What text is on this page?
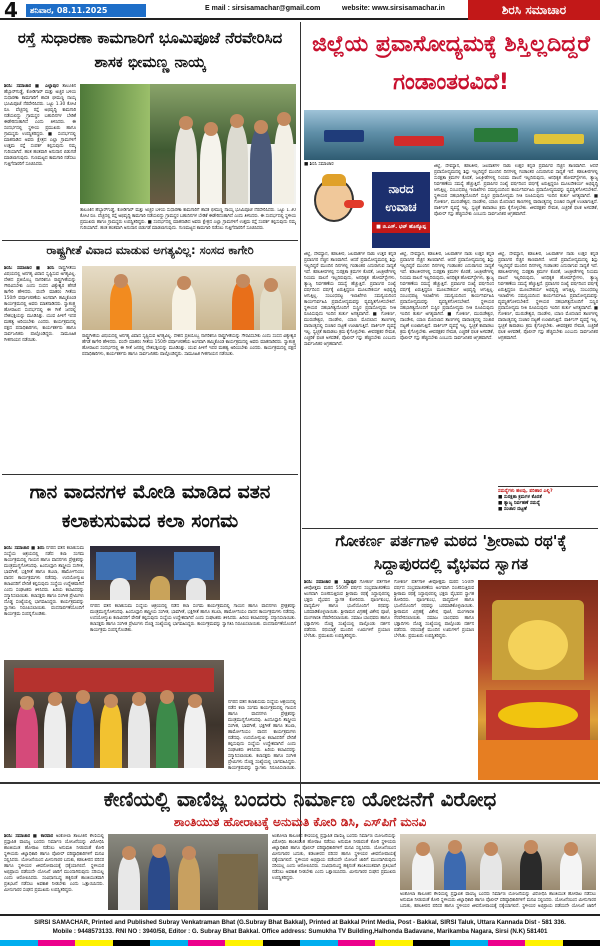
4	ಶನಿವಾರ, 08.11.2025	E mail : sirsisamachar@gmail.com	website: www.sirsisamachar.in	ಶಿರಸಿ ಸಮಾಚಾರ
ರಸ್ತೆ ಸುಧಾರಣಾ ಕಾಮಗಾರಿಗೆ ಭೂಮಿಪೂಜೆ ನೆರವೇರಿಸಿದ ಶಾಸಕ ಭೀಮಣ್ಣ ನಾಯ್ಕ
ಶಿರಸಿ: ಸಮಾಚಾರ ■ ಎಲ್ಲಾಪುರ ತಾಲೂಕಿನ ಹೆಬ್ಬಾರ್‌ಗುಡ್ಡೆ, ಕೋಡಿಗಾರ್ ಮತ್ತು ಅಚ್ಚರ ಬಳಿಯ ಸುಧಾರಣಾ ಕಾಮಗಾರಿಗೆ ಶಾಸಕ ಭೀಮಣ್ಣ ನಾಯ್ಕ ಭೂಮಿಪೂಜೆ ನೆರವೇರಿಸಿದರು. ಒಟ್ಟು 1.30 ಕೋಟಿ ರೂ. ವೆಚ್ಚದಲ್ಲಿ ರಸ್ತೆ ಅಭಿವೃದ್ಧಿ ಕಾಮಗಾರಿ ನಡೆಯಲಿದ್ದು ಗ್ರಾಮಸ್ಥರ ಬಹುದಿನಗಳ ಬೇಡಿಕೆ ಈಡೇರಿದಂತಾಗಿದೆ ಎಂದು ತಿಳಿಸಿದರು. ಈ ಸಂದರ್ಭದಲ್ಲಿ ಸ್ಥಳೀಯ ಪ್ರಮುಖರು ಹಾಗೂ ಗ್ರಾಮಸ್ಥರು ಉಪಸ್ಥಿತರಿದ್ದರು. ■ ಸಂದರ್ಭದಲ್ಲಿ ಮಾತನಾಡಿದ ಅವರು ಕ್ಷೇತ್ರದ ಎಲ್ಲಾ ಗ್ರಾಮಗಳಿಗೆ ಉತ್ತಮ ರಸ್ತೆ ಸಂಪರ್ಕ ಕಲ್ಪಿಸುವುದು ನಮ್ಮ ಗುರಿಯಾಗಿದೆ. ಹಂತ ಹಂತವಾಗಿ ಅನುದಾನ ಬಿಡುಗಡೆ ಮಾಡಲಾಗುವುದು. ಗುಣಮಟ್ಟದ ಕಾಮಗಾರಿ ನಡೆಸಲು ಗುತ್ತಿಗೆದಾರರಿಗೆ ಸೂಚಿಸಿದರು.
ತಾಲೂಕಿನ ಹೆಬ್ಬಾರ್‌ಗುಡ್ಡೆ, ಕೋಡಿಗಾರ್ ಮತ್ತು ಅಚ್ಚರ ಬಳಿಯ ಸುಧಾರಣಾ ಕಾಮಗಾರಿಗೆ ಶಾಸಕ ಭೀಮಣ್ಣ ನಾಯ್ಕ ಭೂಮಿಪೂಜೆ ನೆರವೇರಿಸಿದರು. ಒಟ್ಟು 1.30 ಕೋಟಿ ರೂ. ವೆಚ್ಚದಲ್ಲಿ ರಸ್ತೆ ಅಭಿವೃದ್ಧಿ ಕಾಮಗಾರಿ ನಡೆಯಲಿದ್ದು ಗ್ರಾಮಸ್ಥರ ಬಹುದಿನಗಳ ಬೇಡಿಕೆ ಈಡೇರಿದಂತಾಗಿದೆ ಎಂದು ತಿಳಿಸಿದರು. ಈ ಸಂದರ್ಭದಲ್ಲಿ ಸ್ಥಳೀಯ ಪ್ರಮುಖರು ಹಾಗೂ ಗ್ರಾಮಸ್ಥರು ಉಪಸ್ಥಿತರಿದ್ದರು. ■ ಸಂದರ್ಭದಲ್ಲಿ ಮಾತನಾಡಿದ ಅವರು ಕ್ಷೇತ್ರದ ಎಲ್ಲಾ ಗ್ರಾಮಗಳಿಗೆ ಉತ್ತಮ ರಸ್ತೆ ಸಂಪರ್ಕ ಕಲ್ಪಿಸುವುದು ನಮ್ಮ ಗುರಿಯಾಗಿದೆ. ಹಂತ ಹಂತವಾಗಿ ಅನುದಾನ ಬಿಡುಗಡೆ ಮಾಡಲಾಗುವುದು. ಗುಣಮಟ್ಟದ ಕಾಮಗಾರಿ ನಡೆಸಲು ಗುತ್ತಿಗೆದಾರರಿಗೆ ಸೂಚಿಸಿದರು.
ರಾಷ್ಟ್ರಗೀತೆ ವಿವಾದ ಮಾಡುವ ಅಗತ್ಯವಿಲ್ಲ: ಸಂಸದ ಕಾಗೇರಿ
ಶಿರಸಿ: ಸಮಾಚಾರ ■ ಶಿರಸಿ ರಾಷ್ಟ್ರಗೀತೆಯ ವಿಷಯದಲ್ಲಿ ಅನಗತ್ಯ ವಿವಾದ ಸೃಷ್ಟಿಸುವ ಅಗತ್ಯವಿಲ್ಲ. ದೇಶದ ಪ್ರತಿಯೊಬ್ಬ ನಾಗರಿಕನೂ ರಾಷ್ಟ್ರಗೀತೆಯನ್ನು ಗೌರವಿಸಬೇಕು ಎಂದು ಸಂಸದ ವಿಶ್ವೇಶ್ವರ ಹೆಗಡೆ ಕಾಗೇರಿ ಹೇಳಿದರು. ವಂದೇ ಮಾತರಂ ಗೀತೆಯ 150ನೇ ವರ್ಷಾಚರಣೆಯ ಅಂಗವಾಗಿ ಹಮ್ಮಿಕೊಂಡ ಕಾರ್ಯಕ್ರಮದಲ್ಲಿ ಅವರು ಮಾತನಾಡಿದರು. ಸ್ವಾತಂತ್ರ್ಯ ಹೋರಾಟದ ಸಂದರ್ಭದಲ್ಲಿ ಈ ಗೀತೆ ಜನರಲ್ಲಿ ದೇಶಭಕ್ತಿಯನ್ನು ಮೂಡಿಸಿತ್ತು. ಯುವ ಪೀಳಿಗೆ ಇದರ ಮಹತ್ವ ಅರಿಯಬೇಕು ಎಂದರು. ಕಾರ್ಯಕ್ರಮದಲ್ಲಿ ಪಕ್ಷದ ಪದಾಧಿಕಾರಿಗಳು, ಕಾರ್ಯಕರ್ತರು ಹಾಗೂ ಸಾರ್ವಜನಿಕರು ಪಾಲ್ಗೊಂಡಿದ್ದರು. ಸಾಮೂಹಿಕ ಗೀತಗಾಯನ ನಡೆಯಿತು.
ರಾಷ್ಟ್ರಗೀತೆಯ ವಿಷಯದಲ್ಲಿ ಅನಗತ್ಯ ವಿವಾದ ಸೃಷ್ಟಿಸುವ ಅಗತ್ಯವಿಲ್ಲ. ದೇಶದ ಪ್ರತಿಯೊಬ್ಬ ನಾಗರಿಕನೂ ರಾಷ್ಟ್ರಗೀತೆಯನ್ನು ಗೌರವಿಸಬೇಕು ಎಂದು ಸಂಸದ ವಿಶ್ವೇಶ್ವರ ಹೆಗಡೆ ಕಾಗೇರಿ ಹೇಳಿದರು. ವಂದೇ ಮಾತರಂ ಗೀತೆಯ 150ನೇ ವರ್ಷಾಚರಣೆಯ ಅಂಗವಾಗಿ ಹಮ್ಮಿಕೊಂಡ ಕಾರ್ಯಕ್ರಮದಲ್ಲಿ ಅವರು ಮಾತನಾಡಿದರು. ಸ್ವಾತಂತ್ರ್ಯ ಹೋರಾಟದ ಸಂದರ್ಭದಲ್ಲಿ ಈ ಗೀತೆ ಜನರಲ್ಲಿ ದೇಶಭಕ್ತಿಯನ್ನು ಮೂಡಿಸಿತ್ತು. ಯುವ ಪೀಳಿಗೆ ಇದರ ಮಹತ್ವ ಅರಿಯಬೇಕು ಎಂದರು. ಕಾರ್ಯಕ್ರಮದಲ್ಲಿ ಪಕ್ಷದ ಪದಾಧಿಕಾರಿಗಳು, ಕಾರ್ಯಕರ್ತರು ಹಾಗೂ ಸಾರ್ವಜನಿಕರು ಪಾಲ್ಗೊಂಡಿದ್ದರು. ಸಾಮೂಹಿಕ ಗೀತಗಾಯನ ನಡೆಯಿತು.
ಗಾನ ವಾದನಗಳ ಮೋಡಿ ಮಾಡಿದ ವತನ ಕಲಾಕುಸುಮದ ಕಲಾ ಸಂಗಮ
ಶಿರಸಿ: ಸಮಾಚಾರ ■ ಶಿರಸಿ ನಗರದ ವತನ ಕಲಾಕುಸುಮ ಸಂಸ್ಥೆಯ ಆಶ್ರಯದಲ್ಲಿ ನಡೆದ ಕಲಾ ಸಂಗಮ ಕಾರ್ಯಕ್ರಮದಲ್ಲಿ ಗಾಯನ ಹಾಗೂ ವಾದನಗಳು ಪ್ರೇಕ್ಷಕರನ್ನು ಮಂತ್ರಮುಗ್ಧಗೊಳಿಸಿದವು. ಹಿಂದೂಸ್ತಾನಿ ಶಾಸ್ತ್ರೀಯ ಸಂಗೀತ, ಭಾವಗೀತೆ, ಭಕ್ತಿಗೀತೆ ಹಾಗೂ ತಬಲಾ, ಹಾರ್ಮೋನಿಯಂ ವಾದನ ಕಾರ್ಯಕ್ರಮಗಳು ನಡೆದವು. ಉದಯೋನ್ಮುಖ ಕಲಾವಿದರಿಗೆ ವೇದಿಕೆ ಕಲ್ಪಿಸುವುದು ಸಂಸ್ಥೆಯ ಉದ್ದೇಶವಾಗಿದೆ ಎಂದು ಸಂಘಟಕರು ತಿಳಿಸಿದರು. ಹಿರಿಯ ಕಲಾವಿದರನ್ನು ಸನ್ಮಾನಿಸಲಾಯಿತು. ಕಲಾಸಕ್ತರು ಹಾಗೂ ಸಂಗೀತ ಪ್ರೇಮಿಗಳು ದೊಡ್ಡ ಸಂಖ್ಯೆಯಲ್ಲಿ ಭಾಗವಹಿಸಿದ್ದರು. ಕಾರ್ಯಕ್ರಮವನ್ನು ಸ್ವಾಗತಿಸಿ ನಿರೂಪಿಸಲಾಯಿತು. ವಂದನಾರ್ಪಣೆಯೊಂದಿಗೆ ಕಾರ್ಯಕ್ರಮ ಸಂಪನ್ನಗೊಂಡಿತು.
ನಗರದ ವತನ ಕಲಾಕುಸುಮ ಸಂಸ್ಥೆಯ ಆಶ್ರಯದಲ್ಲಿ ನಡೆದ ಕಲಾ ಸಂಗಮ ಕಾರ್ಯಕ್ರಮದಲ್ಲಿ ಗಾಯನ ಹಾಗೂ ವಾದನಗಳು ಪ್ರೇಕ್ಷಕರನ್ನು ಮಂತ್ರಮುಗ್ಧಗೊಳಿಸಿದವು. ಹಿಂದೂಸ್ತಾನಿ ಶಾಸ್ತ್ರೀಯ ಸಂಗೀತ, ಭಾವಗೀತೆ, ಭಕ್ತಿಗೀತೆ ಹಾಗೂ ತಬಲಾ, ಹಾರ್ಮೋನಿಯಂ ವಾದನ ಕಾರ್ಯಕ್ರಮಗಳು ನಡೆದವು. ಉದಯೋನ್ಮುಖ ಕಲಾವಿದರಿಗೆ ವೇದಿಕೆ ಕಲ್ಪಿಸುವುದು ಸಂಸ್ಥೆಯ ಉದ್ದೇಶವಾಗಿದೆ ಎಂದು ಸಂಘಟಕರು ತಿಳಿಸಿದರು. ಹಿರಿಯ ಕಲಾವಿದರನ್ನು ಸನ್ಮಾನಿಸಲಾಯಿತು. ಕಲಾಸಕ್ತರು ಹಾಗೂ ಸಂಗೀತ ಪ್ರೇಮಿಗಳು ದೊಡ್ಡ ಸಂಖ್ಯೆಯಲ್ಲಿ ಭಾಗವಹಿಸಿದ್ದರು. ಕಾರ್ಯಕ್ರಮವನ್ನು ಸ್ವಾಗತಿಸಿ ನಿರೂಪಿಸಲಾಯಿತು. ವಂದನಾರ್ಪಣೆಯೊಂದಿಗೆ ಕಾರ್ಯಕ್ರಮ ಸಂಪನ್ನಗೊಂಡಿತು.
ನಗರದ ವತನ ಕಲಾಕುಸುಮ ಸಂಸ್ಥೆಯ ಆಶ್ರಯದಲ್ಲಿ ನಡೆದ ಕಲಾ ಸಂಗಮ ಕಾರ್ಯಕ್ರಮದಲ್ಲಿ ಗಾಯನ ಹಾಗೂ ವಾದನಗಳು ಪ್ರೇಕ್ಷಕರನ್ನು ಮಂತ್ರಮುಗ್ಧಗೊಳಿಸಿದವು. ಹಿಂದೂಸ್ತಾನಿ ಶಾಸ್ತ್ರೀಯ ಸಂಗೀತ, ಭಾವಗೀತೆ, ಭಕ್ತಿಗೀತೆ ಹಾಗೂ ತಬಲಾ, ಹಾರ್ಮೋನಿಯಂ ವಾದನ ಕಾರ್ಯಕ್ರಮಗಳು ನಡೆದವು. ಉದಯೋನ್ಮುಖ ಕಲಾವಿದರಿಗೆ ವೇದಿಕೆ ಕಲ್ಪಿಸುವುದು ಸಂಸ್ಥೆಯ ಉದ್ದೇಶವಾಗಿದೆ ಎಂದು ಸಂಘಟಕರು ತಿಳಿಸಿದರು. ಹಿರಿಯ ಕಲಾವಿದರನ್ನು ಸನ್ಮಾನಿಸಲಾಯಿತು. ಕಲಾಸಕ್ತರು ಹಾಗೂ ಸಂಗೀತ ಪ್ರೇಮಿಗಳು ದೊಡ್ಡ ಸಂಖ್ಯೆಯಲ್ಲಿ ಭಾಗವಹಿಸಿದ್ದರು. ಕಾರ್ಯಕ್ರಮವನ್ನು ಸ್ವಾಗತಿಸಿ ನಿರೂಪಿಸಲಾಯಿತು.
ಜಿಲ್ಲೆಯ ಪ್ರವಾಸೋದ್ಯಮಕ್ಕೆ ಶಿಸ್ತಿಲ್ಲದಿದ್ದರೆ ಗಂಡಾಂತರವಿದೆ!
■ ಶಿರಸಿ ಸಮಾಚಾರ
ನಾರದ ಉವಾಚ
■ ಜಿ.ಎಸ್. ಭಟ್ ಹೊಸ್ಕೊಪ್ಪ
ಜಿಲ್ಲೆ, ದೇವಸ್ಥಾನ, ಕಡಲತೀರ, ಜಲಪಾತಗಳ ನಾಡು ಉತ್ತರ ಕನ್ನಡ ಪ್ರವಾಸಿಗರ ನೆಚ್ಚಿನ ತಾಣವಾಗಿದೆ. ಆದರೆ ಪ್ರವಾಸೋದ್ಯಮದಲ್ಲಿ ಶಿಸ್ತು ಇಲ್ಲದಿದ್ದರೆ ಮುಂದಿನ ದಿನಗಳಲ್ಲಿ ಗಂಡಾಂತರ ಎದುರಾಗುವ ಸಾಧ್ಯತೆ ಇದೆ. ಕಡಲತೀರಗಳಲ್ಲಿ ಸುರಕ್ಷತಾ ಕ್ರಮಗಳ ಕೊರತೆ, ಜಲಕ್ರೀಡೆಗಳಲ್ಲಿ ನಿಯಮ ಪಾಲನೆ ಇಲ್ಲದಿರುವುದು, ಅನಧಿಕೃತ ಹೋಮ್‌ಸ್ಟೇಗಳು, ತ್ಯಾಜ್ಯ ನಿರ್ವಹಣೆಯ ಸಮಸ್ಯೆ ಹೆಚ್ಚುತ್ತಿದೆ. ಪ್ರವಾಸಿಗರ ಸಂಖ್ಯೆ ವರ್ಷದಿಂದ ವರ್ಷಕ್ಕೆ ಏರುತ್ತಿದ್ದರೂ ಮೂಲಸೌಕರ್ಯ ಅಭಿವೃದ್ಧಿ ಆಗುತ್ತಿಲ್ಲ. ಸಂಬಂಧಪಟ್ಟ ಇಲಾಖೆಗಳು ಸಮನ್ವಯದಿಂದ ಕಾರ್ಯನಿರ್ವಹಿಸಿ ಪ್ರವಾಸೋದ್ಯಮವನ್ನು ವ್ಯವಸ್ಥಿತಗೊಳಿಸಬೇಕಿದೆ. ಸ್ಥಳೀಯರ ಸಹಭಾಗಿತ್ವದೊಂದಿಗೆ ಸುಸ್ಥಿರ ಪ್ರವಾಸೋದ್ಯಮ ನೀತಿ ರೂಪಿಸುವುದು ಇಂದಿನ ತುರ್ತು ಅಗತ್ಯವಾಗಿದೆ. ■ ಗೋಕರ್ಣ, ಮುರುಡೇಶ್ವರ, ದಾಂಡೇಲಿ, ಯಾಣ ಮೊದಲಾದ ತಾಣಗಳಲ್ಲಿ ವಾರಾಂತ್ಯದಲ್ಲಿ ಸಂಚಾರ ದಟ್ಟಣೆ ಉಂಟಾಗುತ್ತಿದೆ. ಪಾರ್ಕಿಂಗ್ ವ್ಯವಸ್ಥೆ ಇಲ್ಲ. ಸ್ವಚ್ಛತೆ ಕಾಪಾಡಲು ಕ್ರಮ ಕೈಗೊಳ್ಳಬೇಕು. ಜೀವರಕ್ಷಕರ ನೇಮಕ, ಎಚ್ಚರಿಕೆ ಫಲಕ ಅಳವಡಿಕೆ, ಪೊಲೀಸ್ ಗಸ್ತು ಹೆಚ್ಚಿಸಬೇಕು ಎಂಬುದು ಸಾರ್ವಜನಿಕರ ಆಗ್ರಹವಾಗಿದೆ.
ಜಿಲ್ಲೆ, ದೇವಸ್ಥಾನ, ಕಡಲತೀರ, ಜಲಪಾತಗಳ ನಾಡು ಉತ್ತರ ಕನ್ನಡ ಪ್ರವಾಸಿಗರ ನೆಚ್ಚಿನ ತಾಣವಾಗಿದೆ. ಆದರೆ ಪ್ರವಾಸೋದ್ಯಮದಲ್ಲಿ ಶಿಸ್ತು ಇಲ್ಲದಿದ್ದರೆ ಮುಂದಿನ ದಿನಗಳಲ್ಲಿ ಗಂಡಾಂತರ ಎದುರಾಗುವ ಸಾಧ್ಯತೆ ಇದೆ. ಕಡಲತೀರಗಳಲ್ಲಿ ಸುರಕ್ಷತಾ ಕ್ರಮಗಳ ಕೊರತೆ, ಜಲಕ್ರೀಡೆಗಳಲ್ಲಿ ನಿಯಮ ಪಾಲನೆ ಇಲ್ಲದಿರುವುದು, ಅನಧಿಕೃತ ಹೋಮ್‌ಸ್ಟೇಗಳು, ತ್ಯಾಜ್ಯ ನಿರ್ವಹಣೆಯ ಸಮಸ್ಯೆ ಹೆಚ್ಚುತ್ತಿದೆ. ಪ್ರವಾಸಿಗರ ಸಂಖ್ಯೆ ವರ್ಷದಿಂದ ವರ್ಷಕ್ಕೆ ಏರುತ್ತಿದ್ದರೂ ಮೂಲಸೌಕರ್ಯ ಅಭಿವೃದ್ಧಿ ಆಗುತ್ತಿಲ್ಲ. ಸಂಬಂಧಪಟ್ಟ ಇಲಾಖೆಗಳು ಸಮನ್ವಯದಿಂದ ಕಾರ್ಯನಿರ್ವಹಿಸಿ ಪ್ರವಾಸೋದ್ಯಮವನ್ನು ವ್ಯವಸ್ಥಿತಗೊಳಿಸಬೇಕಿದೆ. ಸ್ಥಳೀಯರ ಸಹಭಾಗಿತ್ವದೊಂದಿಗೆ ಸುಸ್ಥಿರ ಪ್ರವಾಸೋದ್ಯಮ ನೀತಿ ರೂಪಿಸುವುದು ಇಂದಿನ ತುರ್ತು ಅಗತ್ಯವಾಗಿದೆ. ■ ಗೋಕರ್ಣ, ಮುರುಡೇಶ್ವರ, ದಾಂಡೇಲಿ, ಯಾಣ ಮೊದಲಾದ ತಾಣಗಳಲ್ಲಿ ವಾರಾಂತ್ಯದಲ್ಲಿ ಸಂಚಾರ ದಟ್ಟಣೆ ಉಂಟಾಗುತ್ತಿದೆ. ಪಾರ್ಕಿಂಗ್ ವ್ಯವಸ್ಥೆ ಇಲ್ಲ. ಸ್ವಚ್ಛತೆ ಕಾಪಾಡಲು ಕ್ರಮ ಕೈಗೊಳ್ಳಬೇಕು. ಜೀವರಕ್ಷಕರ ನೇಮಕ, ಎಚ್ಚರಿಕೆ ಫಲಕ ಅಳವಡಿಕೆ, ಪೊಲೀಸ್ ಗಸ್ತು ಹೆಚ್ಚಿಸಬೇಕು ಎಂಬುದು ಸಾರ್ವಜನಿಕರ ಆಗ್ರಹವಾಗಿದೆ.
ಜಿಲ್ಲೆ, ದೇವಸ್ಥಾನ, ಕಡಲತೀರ, ಜಲಪಾತಗಳ ನಾಡು ಉತ್ತರ ಕನ್ನಡ ಪ್ರವಾಸಿಗರ ನೆಚ್ಚಿನ ತಾಣವಾಗಿದೆ. ಆದರೆ ಪ್ರವಾಸೋದ್ಯಮದಲ್ಲಿ ಶಿಸ್ತು ಇಲ್ಲದಿದ್ದರೆ ಮುಂದಿನ ದಿನಗಳಲ್ಲಿ ಗಂಡಾಂತರ ಎದುರಾಗುವ ಸಾಧ್ಯತೆ ಇದೆ. ಕಡಲತೀರಗಳಲ್ಲಿ ಸುರಕ್ಷತಾ ಕ್ರಮಗಳ ಕೊರತೆ, ಜಲಕ್ರೀಡೆಗಳಲ್ಲಿ ನಿಯಮ ಪಾಲನೆ ಇಲ್ಲದಿರುವುದು, ಅನಧಿಕೃತ ಹೋಮ್‌ಸ್ಟೇಗಳು, ತ್ಯಾಜ್ಯ ನಿರ್ವಹಣೆಯ ಸಮಸ್ಯೆ ಹೆಚ್ಚುತ್ತಿದೆ. ಪ್ರವಾಸಿಗರ ಸಂಖ್ಯೆ ವರ್ಷದಿಂದ ವರ್ಷಕ್ಕೆ ಏರುತ್ತಿದ್ದರೂ ಮೂಲಸೌಕರ್ಯ ಅಭಿವೃದ್ಧಿ ಆಗುತ್ತಿಲ್ಲ. ಸಂಬಂಧಪಟ್ಟ ಇಲಾಖೆಗಳು ಸಮನ್ವಯದಿಂದ ಕಾರ್ಯನಿರ್ವಹಿಸಿ ಪ್ರವಾಸೋದ್ಯಮವನ್ನು ವ್ಯವಸ್ಥಿತಗೊಳಿಸಬೇಕಿದೆ. ಸ್ಥಳೀಯರ ಸಹಭಾಗಿತ್ವದೊಂದಿಗೆ ಸುಸ್ಥಿರ ಪ್ರವಾಸೋದ್ಯಮ ನೀತಿ ರೂಪಿಸುವುದು ಇಂದಿನ ತುರ್ತು ಅಗತ್ಯವಾಗಿದೆ. ■ ಗೋಕರ್ಣ, ಮುರುಡೇಶ್ವರ, ದಾಂಡೇಲಿ, ಯಾಣ ಮೊದಲಾದ ತಾಣಗಳಲ್ಲಿ ವಾರಾಂತ್ಯದಲ್ಲಿ ಸಂಚಾರ ದಟ್ಟಣೆ ಉಂಟಾಗುತ್ತಿದೆ. ಪಾರ್ಕಿಂಗ್ ವ್ಯವಸ್ಥೆ ಇಲ್ಲ. ಸ್ವಚ್ಛತೆ ಕಾಪಾಡಲು ಕ್ರಮ ಕೈಗೊಳ್ಳಬೇಕು. ಜೀವರಕ್ಷಕರ ನೇಮಕ, ಎಚ್ಚರಿಕೆ ಫಲಕ ಅಳವಡಿಕೆ, ಪೊಲೀಸ್ ಗಸ್ತು ಹೆಚ್ಚಿಸಬೇಕು ಎಂಬುದು ಸಾರ್ವಜನಿಕರ ಆಗ್ರಹವಾಗಿದೆ.
ಜಿಲ್ಲೆ, ದೇವಸ್ಥಾನ, ಕಡಲತೀರ, ಜಲಪಾತಗಳ ನಾಡು ಉತ್ತರ ಕನ್ನಡ ಪ್ರವಾಸಿಗರ ನೆಚ್ಚಿನ ತಾಣವಾಗಿದೆ. ಆದರೆ ಪ್ರವಾಸೋದ್ಯಮದಲ್ಲಿ ಶಿಸ್ತು ಇಲ್ಲದಿದ್ದರೆ ಮುಂದಿನ ದಿನಗಳಲ್ಲಿ ಗಂಡಾಂತರ ಎದುರಾಗುವ ಸಾಧ್ಯತೆ ಇದೆ. ಕಡಲತೀರಗಳಲ್ಲಿ ಸುರಕ್ಷತಾ ಕ್ರಮಗಳ ಕೊರತೆ, ಜಲಕ್ರೀಡೆಗಳಲ್ಲಿ ನಿಯಮ ಪಾಲನೆ ಇಲ್ಲದಿರುವುದು, ಅನಧಿಕೃತ ಹೋಮ್‌ಸ್ಟೇಗಳು, ತ್ಯಾಜ್ಯ ನಿರ್ವಹಣೆಯ ಸಮಸ್ಯೆ ಹೆಚ್ಚುತ್ತಿದೆ. ಪ್ರವಾಸಿಗರ ಸಂಖ್ಯೆ ವರ್ಷದಿಂದ ವರ್ಷಕ್ಕೆ ಏರುತ್ತಿದ್ದರೂ ಮೂಲಸೌಕರ್ಯ ಅಭಿವೃದ್ಧಿ ಆಗುತ್ತಿಲ್ಲ. ಸಂಬಂಧಪಟ್ಟ ಇಲಾಖೆಗಳು ಸಮನ್ವಯದಿಂದ ಕಾರ್ಯನಿರ್ವಹಿಸಿ ಪ್ರವಾಸೋದ್ಯಮವನ್ನು ವ್ಯವಸ್ಥಿತಗೊಳಿಸಬೇಕಿದೆ. ಸ್ಥಳೀಯರ ಸಹಭಾಗಿತ್ವದೊಂದಿಗೆ ಸುಸ್ಥಿರ ಪ್ರವಾಸೋದ್ಯಮ ನೀತಿ ರೂಪಿಸುವುದು ಇಂದಿನ ತುರ್ತು ಅಗತ್ಯವಾಗಿದೆ. ■ ಗೋಕರ್ಣ, ಮುರುಡೇಶ್ವರ, ದಾಂಡೇಲಿ, ಯಾಣ ಮೊದಲಾದ ತಾಣಗಳಲ್ಲಿ ವಾರಾಂತ್ಯದಲ್ಲಿ ಸಂಚಾರ ದಟ್ಟಣೆ ಉಂಟಾಗುತ್ತಿದೆ. ಪಾರ್ಕಿಂಗ್ ವ್ಯವಸ್ಥೆ ಇಲ್ಲ. ಸ್ವಚ್ಛತೆ ಕಾಪಾಡಲು ಕ್ರಮ ಕೈಗೊಳ್ಳಬೇಕು. ಜೀವರಕ್ಷಕರ ನೇಮಕ, ಎಚ್ಚರಿಕೆ ಫಲಕ ಅಳವಡಿಕೆ, ಪೊಲೀಸ್ ಗಸ್ತು ಹೆಚ್ಚಿಸಬೇಕು ಎಂಬುದು ಸಾರ್ವಜನಿಕರ ಆಗ್ರಹವಾಗಿದೆ.
ಸಮಸ್ಯೆಗಳು ಹಲವು, ಪರಿಹಾರ ಎಲ್ಲಿ?
■ ಸುರಕ್ಷತಾ ಕ್ರಮಗಳ ಕೊರತೆ
■ ತ್ಯಾಜ್ಯ ನಿರ್ವಹಣೆ ಸಮಸ್ಯೆ
■ ಸಂಚಾರ ದಟ್ಟಣೆ
ಗೋಕರ್ಣ ಪರ್ತಗಾಳಿ ಮಠದ 'ಶ್ರೀರಾಮ ರಥ'ಕ್ಕೆ ಸಿದ್ದಾಪುರದಲ್ಲಿ ವೈಭವದ ಸ್ವಾಗತ
ಶಿರಸಿ: ಸಮಾಚಾರ ■ ಸಿದ್ದಾಪುರ ಗೋಕರ್ಣ ಪರ್ತಗಾಳಿ ಜೀವೋತ್ತಮ ಮಠದ 550ನೇ ವರ್ಷದ ಸಂಭ್ರಮಾಚರಣೆಯ ಅಂಗವಾಗಿ ಸಂಚರಿಸುತ್ತಿರುವ ಶ್ರೀರಾಮ ರಥಕ್ಕೆ ಸಿದ್ದಾಪುರದಲ್ಲಿ ಭಕ್ತರು ವೈಭವದ ಸ್ವಾಗತ ಕೋರಿದರು. ಪೂರ್ಣಕುಂಭ, ವಾದ್ಯಮೇಳ ಹಾಗೂ ಭಜನೆಯೊಂದಿಗೆ ರಥವನ್ನು ಬರಮಾಡಿಕೊಳ್ಳಲಾಯಿತು. ಶ್ರೀರಾಮನ ವಿಗ್ರಹಕ್ಕೆ ವಿಶೇಷ ಪೂಜೆ, ಮಂಗಳಾರತಿ ನೆರವೇರಿಸಲಾಯಿತು. ಸಮಾಜ ಬಾಂಧವರು ಹಾಗೂ ಭಕ್ತಾದಿಗಳು ದೊಡ್ಡ ಸಂಖ್ಯೆಯಲ್ಲಿ ಪಾಲ್ಗೊಂಡು ದರ್ಶನ ಪಡೆದರು. ರಥಯಾತ್ರೆ ಮುಂದಿನ ಊರುಗಳಿಗೆ ಪ್ರಯಾಣ ಬೆಳೆಸಿತು. ಪ್ರಮುಖರು ಉಪಸ್ಥಿತರಿದ್ದರು.
ಗೋಕರ್ಣ ಪರ್ತಗಾಳಿ ಜೀವೋತ್ತಮ ಮಠದ 550ನೇ ವರ್ಷದ ಸಂಭ್ರಮಾಚರಣೆಯ ಅಂಗವಾಗಿ ಸಂಚರಿಸುತ್ತಿರುವ ಶ್ರೀರಾಮ ರಥಕ್ಕೆ ಸಿದ್ದಾಪುರದಲ್ಲಿ ಭಕ್ತರು ವೈಭವದ ಸ್ವಾಗತ ಕೋರಿದರು. ಪೂರ್ಣಕುಂಭ, ವಾದ್ಯಮೇಳ ಹಾಗೂ ಭಜನೆಯೊಂದಿಗೆ ರಥವನ್ನು ಬರಮಾಡಿಕೊಳ್ಳಲಾಯಿತು. ಶ್ರೀರಾಮನ ವಿಗ್ರಹಕ್ಕೆ ವಿಶೇಷ ಪೂಜೆ, ಮಂಗಳಾರತಿ ನೆರವೇರಿಸಲಾಯಿತು. ಸಮಾಜ ಬಾಂಧವರು ಹಾಗೂ ಭಕ್ತಾದಿಗಳು ದೊಡ್ಡ ಸಂಖ್ಯೆಯಲ್ಲಿ ಪಾಲ್ಗೊಂಡು ದರ್ಶನ ಪಡೆದರು. ರಥಯಾತ್ರೆ ಮುಂದಿನ ಊರುಗಳಿಗೆ ಪ್ರಯಾಣ ಬೆಳೆಸಿತು. ಪ್ರಮುಖರು ಉಪಸ್ಥಿತರಿದ್ದರು.
ಕೇಣಿಯಲ್ಲಿ ವಾಣಿಜ್ಯ ಬಂದರು ನಿರ್ಮಾಣ ಯೋಜನೆಗೆ ವಿರೋಧ
ಶಾಂತಿಯುತ ಹೋರಾಟಕ್ಕೆ ಅನುಮತಿ ಕೋರಿ ಡಿಸಿ, ಎಸ್‌ಪಿಗೆ ಮನವಿ
ಶಿರಸಿ: ಸಮಾಚಾರ ■ ಕಾರವಾರ ಅಂಕೋಲಾ ತಾಲೂಕಿನ ಕೇಣಿಯಲ್ಲಿ ಪ್ರಸ್ತಾಪಿತ ವಾಣಿಜ್ಯ ಬಂದರು ನಿರ್ಮಾಣ ಯೋಜನೆಯನ್ನು ವಿರೋಧಿಸಿ ಶಾಂತಿಯುತ ಹೋರಾಟ ನಡೆಸಲು ಅನುಮತಿ ನೀಡುವಂತೆ ಕೋರಿ ಸ್ಥಳೀಯರು ಜಿಲ್ಲಾಧಿಕಾರಿ ಹಾಗೂ ಪೊಲೀಸ್ ವರಿಷ್ಠಾಧಿಕಾರಿಗಳಿಗೆ ಮನವಿ ಸಲ್ಲಿಸಿದರು. ಯೋಜನೆಯಿಂದ ಮೀನುಗಾರರ ಬದುಕು, ಕಡಲತೀರದ ಪರಿಸರ ಹಾಗೂ ಸ್ಥಳೀಯರ ಜೀವನೋಪಾಯಕ್ಕೆ ಧಕ್ಕೆಯಾಗಲಿದೆ. ಸ್ಥಳೀಯರ ಅಭಿಪ್ರಾಯ ಪಡೆಯದೇ ಯೋಜನೆ ಜಾರಿಗೆ ಮುಂದಾಗಿರುವುದು ಸರಿಯಲ್ಲ ಎಂದು ಆರೋಪಿಸಿದರು. ಸಂವಿಧಾನಬದ್ಧ ಹಕ್ಕಿನಂತೆ ಶಾಂತಿಯುತವಾಗಿ ಪ್ರತಿಭಟನೆ ನಡೆಸಲು ಅವಕಾಶ ನೀಡಬೇಕು ಎಂದು ಒತ್ತಾಯಿಸಿದರು. ಮೀನುಗಾರರ ಸಂಘದ ಪ್ರಮುಖರು ಉಪಸ್ಥಿತರಿದ್ದರು.
ಅಂಕೋಲಾ ತಾಲೂಕಿನ ಕೇಣಿಯಲ್ಲಿ ಪ್ರಸ್ತಾಪಿತ ವಾಣಿಜ್ಯ ಬಂದರು ನಿರ್ಮಾಣ ಯೋಜನೆಯನ್ನು ವಿರೋಧಿಸಿ ಶಾಂತಿಯುತ ಹೋರಾಟ ನಡೆಸಲು ಅನುಮತಿ ನೀಡುವಂತೆ ಕೋರಿ ಸ್ಥಳೀಯರು ಜಿಲ್ಲಾಧಿಕಾರಿ ಹಾಗೂ ಪೊಲೀಸ್ ವರಿಷ್ಠಾಧಿಕಾರಿಗಳಿಗೆ ಮನವಿ ಸಲ್ಲಿಸಿದರು. ಯೋಜನೆಯಿಂದ ಮೀನುಗಾರರ ಬದುಕು, ಕಡಲತೀರದ ಪರಿಸರ ಹಾಗೂ ಸ್ಥಳೀಯರ ಜೀವನೋಪಾಯಕ್ಕೆ ಧಕ್ಕೆಯಾಗಲಿದೆ. ಸ್ಥಳೀಯರ ಅಭಿಪ್ರಾಯ ಪಡೆಯದೇ ಯೋಜನೆ ಜಾರಿಗೆ ಮುಂದಾಗಿರುವುದು ಸರಿಯಲ್ಲ ಎಂದು ಆರೋಪಿಸಿದರು. ಸಂವಿಧಾನಬದ್ಧ ಹಕ್ಕಿನಂತೆ ಶಾಂತಿಯುತವಾಗಿ ಪ್ರತಿಭಟನೆ ನಡೆಸಲು ಅವಕಾಶ ನೀಡಬೇಕು ಎಂದು ಒತ್ತಾಯಿಸಿದರು. ಮೀನುಗಾರರ ಸಂಘದ ಪ್ರಮುಖರು ಉಪಸ್ಥಿತರಿದ್ದರು.
ಅಂಕೋಲಾ ತಾಲೂಕಿನ ಕೇಣಿಯಲ್ಲಿ ಪ್ರಸ್ತಾಪಿತ ವಾಣಿಜ್ಯ ಬಂದರು ನಿರ್ಮಾಣ ಯೋಜನೆಯನ್ನು ವಿರೋಧಿಸಿ ಶಾಂತಿಯುತ ಹೋರಾಟ ನಡೆಸಲು ಅನುಮತಿ ನೀಡುವಂತೆ ಕೋರಿ ಸ್ಥಳೀಯರು ಜಿಲ್ಲಾಧಿಕಾರಿ ಹಾಗೂ ಪೊಲೀಸ್ ವರಿಷ್ಠಾಧಿಕಾರಿಗಳಿಗೆ ಮನವಿ ಸಲ್ಲಿಸಿದರು. ಯೋಜನೆಯಿಂದ ಮೀನುಗಾರರ ಬದುಕು, ಕಡಲತೀರದ ಪರಿಸರ ಹಾಗೂ ಸ್ಥಳೀಯರ ಜೀವನೋಪಾಯಕ್ಕೆ ಧಕ್ಕೆಯಾಗಲಿದೆ. ಸ್ಥಳೀಯರ ಅಭಿಪ್ರಾಯ ಪಡೆಯದೇ ಯೋಜನೆ ಜಾರಿಗೆ
SIRSI SAMACHAR, Printed and Published Subray Venkatraman Bhat (G.Subray Bhat Bakkal), Printed at Bakkal Print Media, Post - Bakkal, SIRSI Taluk, Uttara Kannada Dist - 581 336.
Mobile : 9448573133. RNI NO : 3940/58, Editor : G. Subray Bhat Bakkal. Office address: Sumukha TV Building,Halhonda Badavane, Marikamba Nagara, Sirsi (N.K) 581401
